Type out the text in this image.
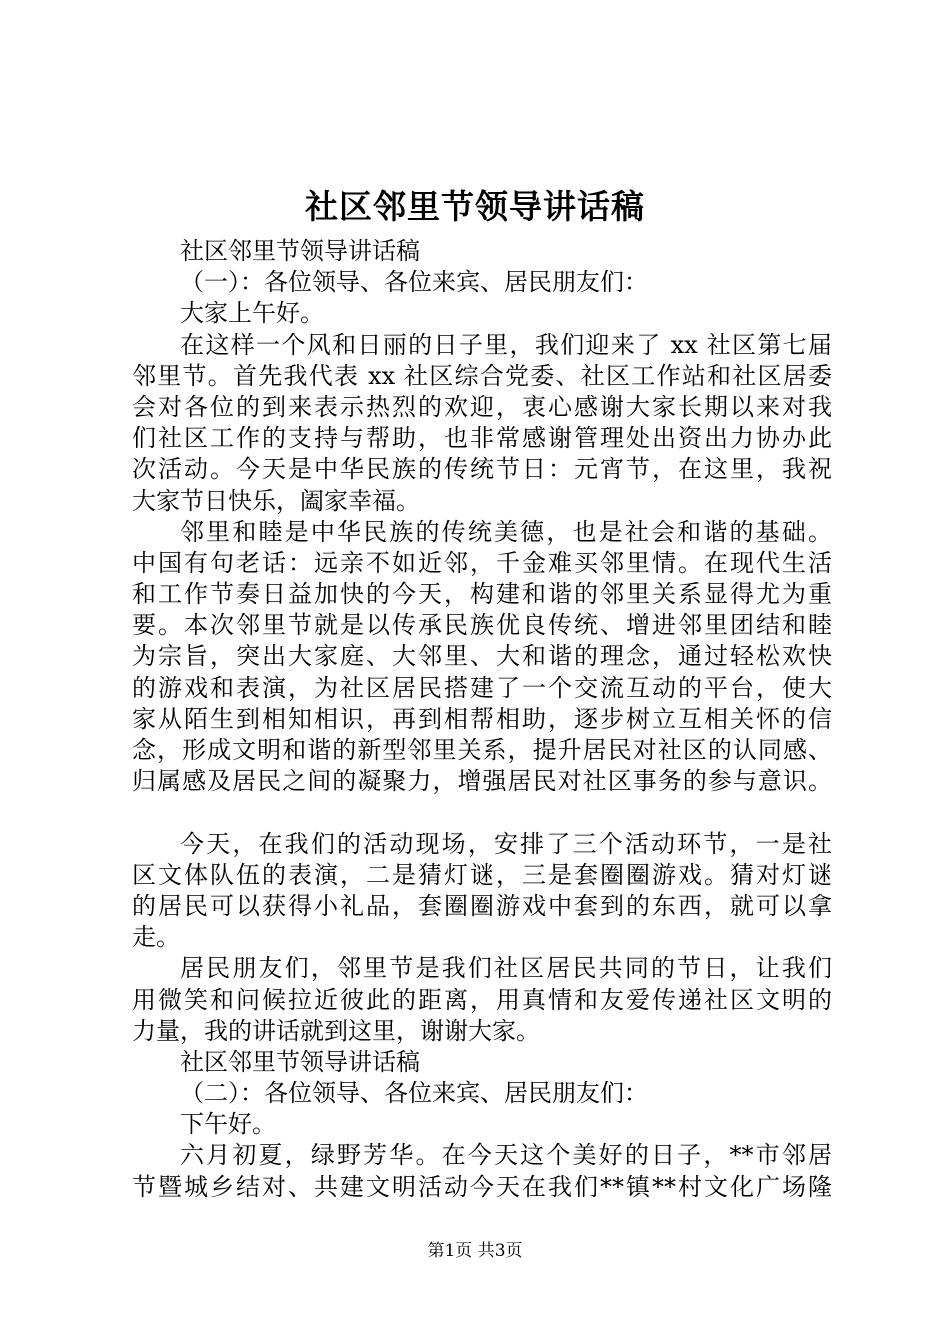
社区邻里节领导讲话稿
社区邻里节领导讲话稿
（一）：各位领导、各位来宾、居民朋友们：
大家上午好。
在这样一个风和日丽的日子里，我们迎来了 xx 社区第七届
邻里节。首先我代表 xx 社区综合党委、社区工作站和社区居委
会对各位的到来表示热烈的欢迎，衷心感谢大家长期以来对我
们社区工作的支持与帮助，也非常感谢管理处出资出力协办此
次活动。今天是中华民族的传统节日：元宵节，在这里，我祝
大家节日快乐，阖家幸福。
邻里和睦是中华民族的传统美德，也是社会和谐的基础。
中国有句老话：远亲不如近邻，千金难买邻里情。在现代生活
和工作节奏日益加快的今天，构建和谐的邻里关系显得尤为重
要。本次邻里节就是以传承民族优良传统、增进邻里团结和睦
为宗旨，突出大家庭、大邻里、大和谐的理念，通过轻松欢快
的游戏和表演，为社区居民搭建了一个交流互动的平台，使大
家从陌生到相知相识，再到相帮相助，逐步树立互相关怀的信
念，形成文明和谐的新型邻里关系，提升居民对社区的认同感、
归属感及居民之间的凝聚力，增强居民对社区事务的参与意识。
今天，在我们的活动现场，安排了三个活动环节，一是社
区文体队伍的表演，二是猜灯谜，三是套圈圈游戏。猜对灯谜
的居民可以获得小礼品，套圈圈游戏中套到的东西，就可以拿
走。
居民朋友们，邻里节是我们社区居民共同的节日，让我们
用微笑和问候拉近彼此的距离，用真情和友爱传递社区文明的
力量，我的讲话就到这里，谢谢大家。
社区邻里节领导讲话稿
（二）：各位领导、各位来宾、居民朋友们：
下午好。
六月初夏，绿野芳华。在今天这个美好的日子，**市邻居
节暨城乡结对、共建文明活动今天在我们**镇**村文化广场隆
第1页 共3页
